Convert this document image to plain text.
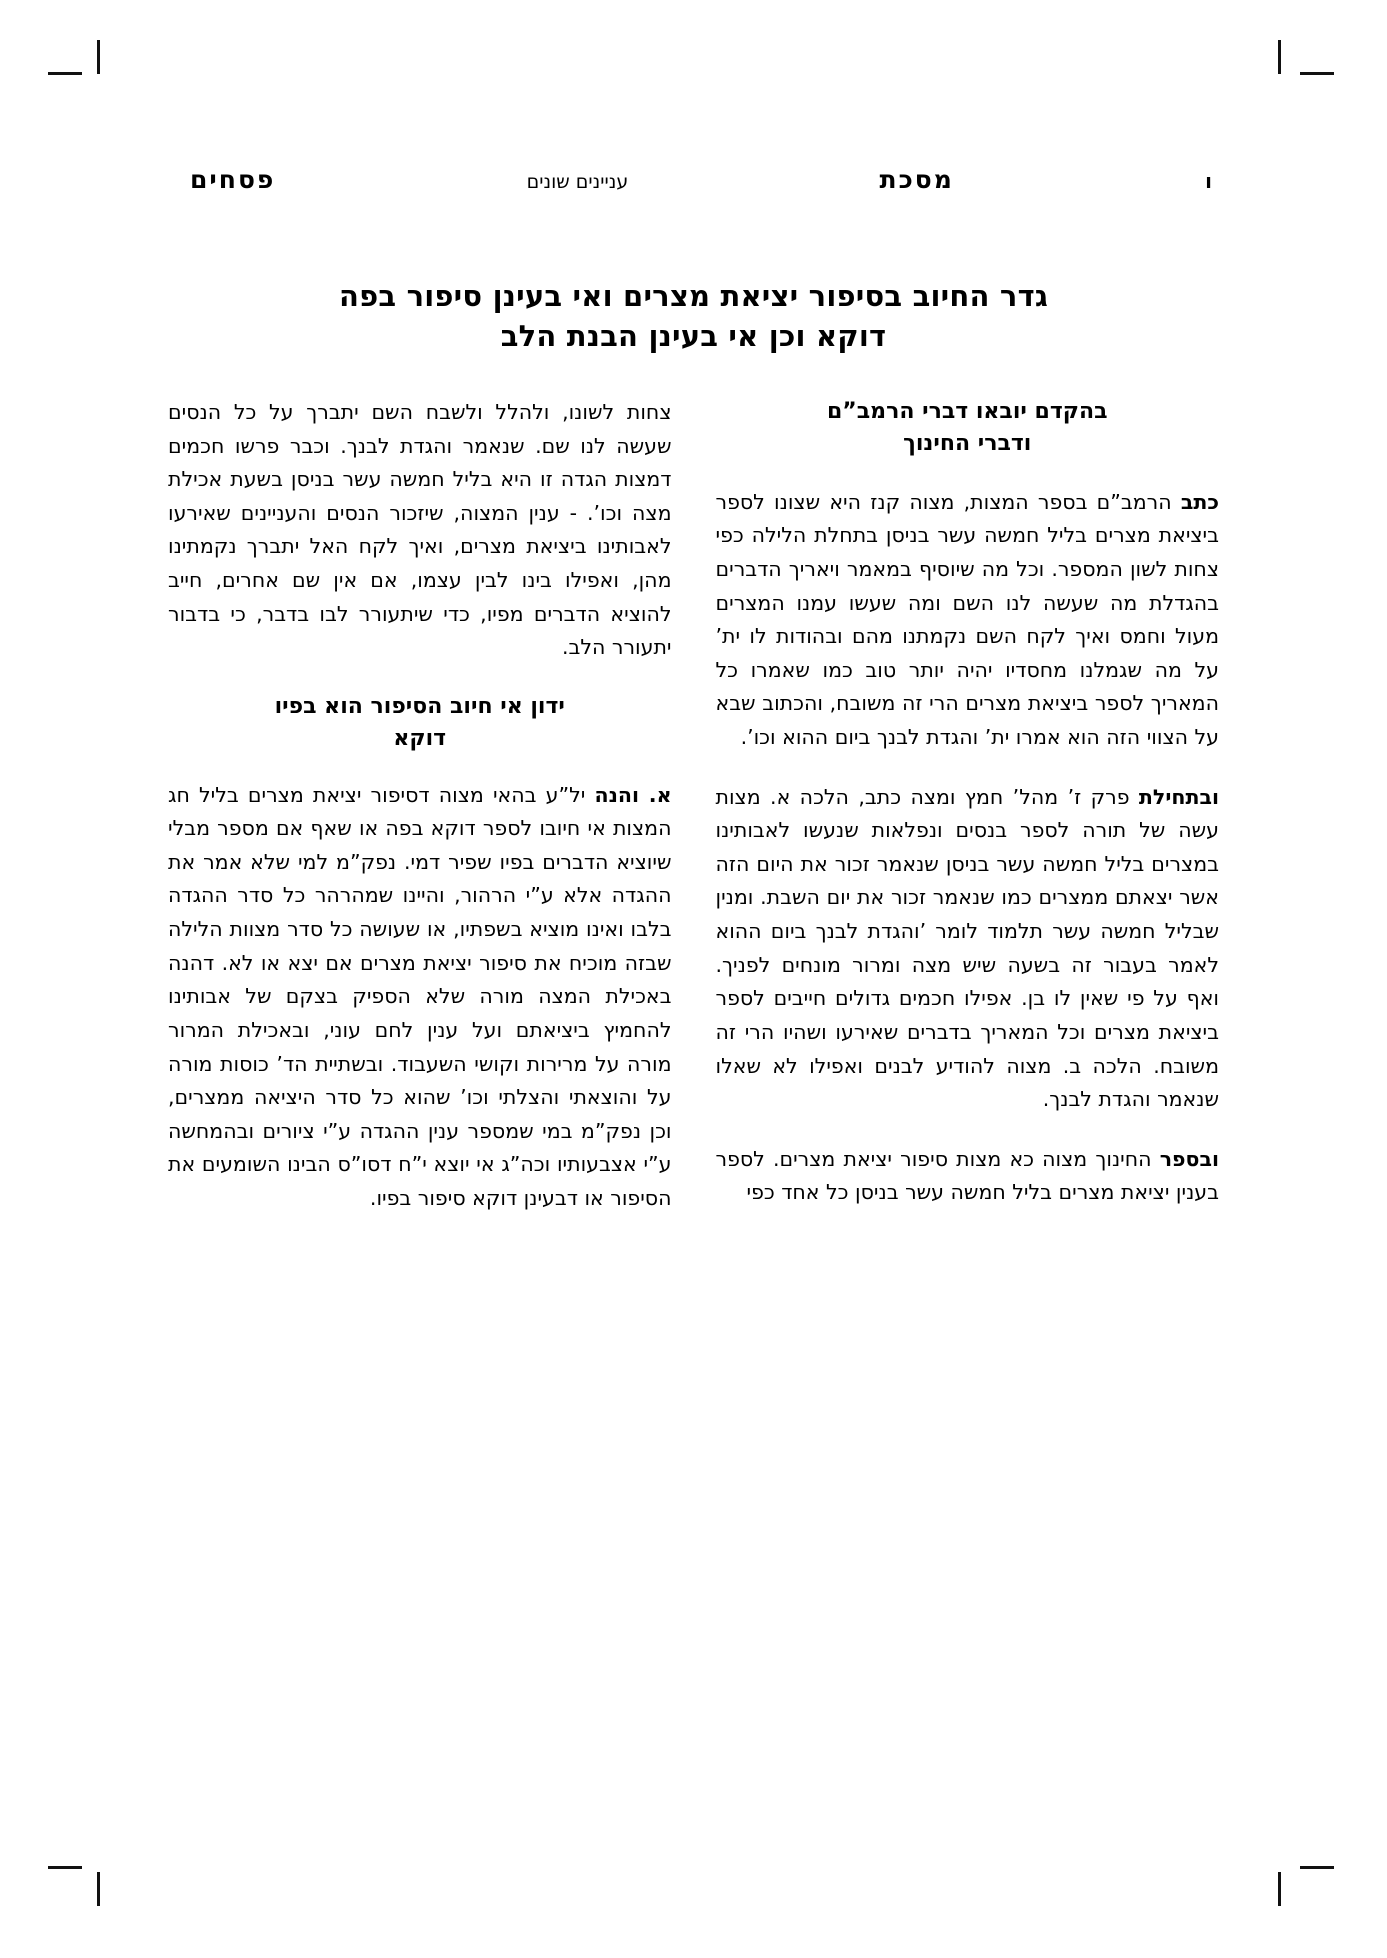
ו
מסכת
עניינים שונים
פסחים
גדר החיוב בסיפור יציאת מצרים ואי בעינן סיפור בפה
דוקא וכן אי בעינן הבנת הלב
בהקדם יובאו דברי הרמב”ם
ודברי החינוך

כתב הרמב”ם בספר המצות, מצוה קנז היא שצונו לספר ביציאת מצרים בליל חמשה עשר בניסן בתחלת הלילה כפי צחות לשון המספר. וכל מה שיוסיף במאמר ויאריך הדברים בהגדלת מה שעשה לנו השם ומה שעשו עמנו המצרים מעול וחמס ואיך לקח השם נקמתנו מהם ובהודות לו ית’ על מה שגמלנו מחסדיו יהיה יותר טוב כמו שאמרו כל המאריך לספר ביציאת מצרים הרי זה משובח, והכתוב שבא על הצווי הזה הוא אמרו ית’ והגדת לבנך ביום ההוא וכו’.

ובתחילת פרק ז’ מהל’ חמץ ומצה כתב, הלכה א. מצות עשה של תורה לספר בנסים ונפלאות שנעשו לאבותינו במצרים בליל חמשה עשר בניסן שנאמר זכור את היום הזה אשר יצאתם ממצרים כמו שנאמר זכור את יום השבת. ומנין שבליל חמשה עשר תלמוד לומר ’והגדת לבנך ביום ההוא לאמר בעבור זה בשעה שיש מצה ומרור מונחים לפניך. ואף על פי שאין לו בן. אפילו חכמים גדולים חייבים לספר ביציאת מצרים וכל המאריך בדברים שאירעו ושהיו הרי זה משובח. הלכה ב. מצוה להודיע לבנים ואפילו לא שאלו שנאמר והגדת לבנך.

ובספר החינוך מצוה כא מצות סיפור יציאת מצרים. לספר בענין יציאת מצרים בליל חמשה עשר בניסן כל אחד כפי

צחות לשונו, ולהלל ולשבח השם יתברך על כל הנסים שעשה לנו שם. שנאמר והגדת לבנך. וכבר פרשו חכמים דמצות הגדה זו היא בליל חמשה עשר בניסן בשעת אכילת מצה וכו’. - ענין המצוה, שיזכור הנסים והעניינים שאירעו לאבותינו ביציאת מצרים, ואיך לקח האל יתברך נקמתינו מהן, ואפילו בינו לבין עצמו, אם אין שם אחרים, חייב להוציא הדברים מפיו, כדי שיתעורר לבו בדבר, כי בדבור יתעורר הלב.

ידון אי חיוב הסיפור הוא בפיו
דוקא

א. והנה יל”ע בהאי מצוה דסיפור יציאת מצרים בליל חג המצות אי חיובו לספר דוקא בפה או שאף אם מספר מבלי שיוציא הדברים בפיו שפיר דמי. נפק”מ למי שלא אמר את ההגדה אלא ע”י הרהור, והיינו שמהרהר כל סדר ההגדה בלבו ואינו מוציא בשפתיו, או שעושה כל סדר מצוות הלילה שבזה מוכיח את סיפור יציאת מצרים אם יצא או לא. דהנה באכילת המצה מורה שלא הספיק בצקם של אבותינו להחמיץ ביציאתם ועל ענין לחם עוני, ובאכילת המרור מורה על מרירות וקושי השעבוד. ובשתיית הד’ כוסות מורה על והוצאתי והצלתי וכו’ שהוא כל סדר היציאה ממצרים, וכן נפק”מ במי שמספר ענין ההגדה ע”י ציורים ובהמחשה ע”י אצבעותיו וכה”ג אי יוצא י”ח דסו”ס הבינו השומעים את הסיפור או דבעינן דוקא סיפור בפיו.
